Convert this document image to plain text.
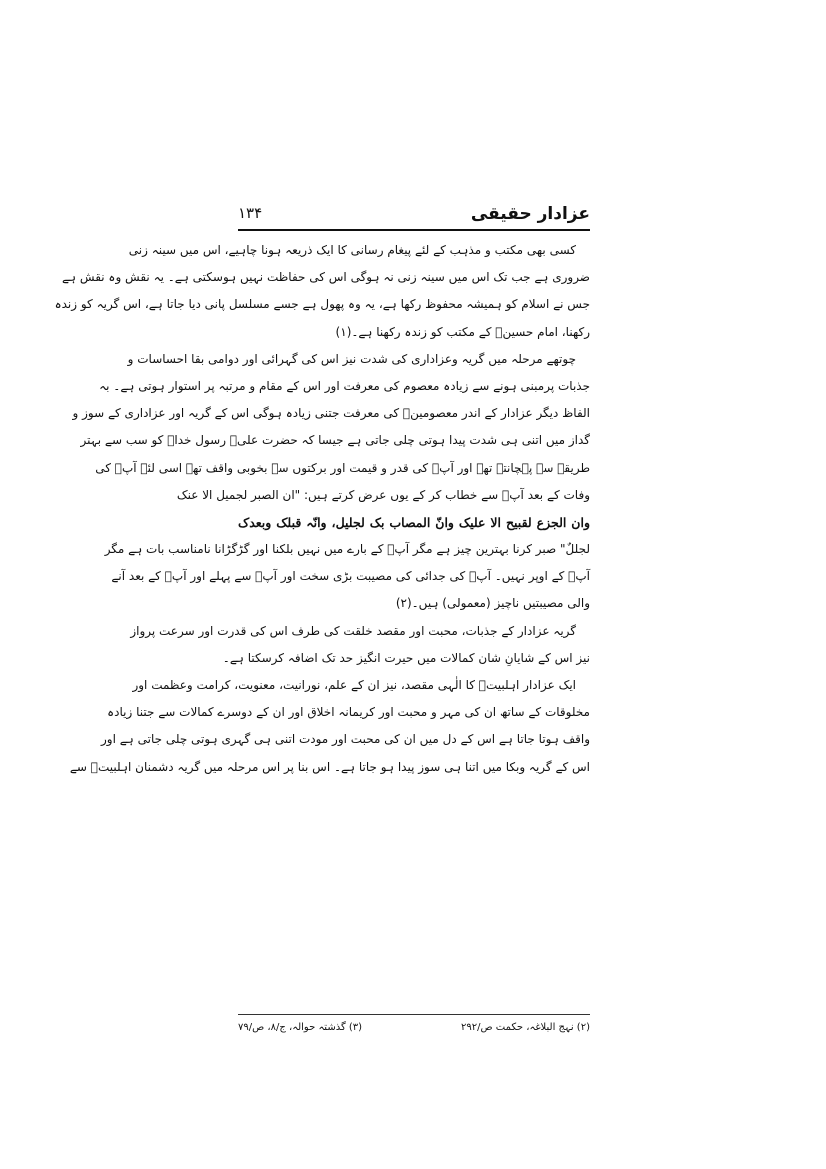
عزادار حقیقی
۱۳۴
کسی بھی مکتب و مذہب کے لئے پیغام رسانی کا ایک ذریعہ ہونا چاہیے، اس میں سینہ زنی
ضروری ہے جب تک اس میں سینہ زنی نہ ہوگی اس کی حفاظت نہیں ہوسکتی ہے۔ یہ نقش وہ نقش ہے
جس نے اسلام کو ہمیشہ محفوظ رکھا ہے، یہ وہ پھول ہے جسے مسلسل پانی دیا جاتا ہے، اس گریہ کو زندہ
رکھنا، امام حسینؑ کے مکتب کو زندہ رکھنا ہے۔(۱)
چوتھے مرحلہ میں گریہ وعزاداری کی شدت نیز اس کی گہرائی اور دوامی بقا احساسات و
جذبات پرمبنی ہونے سے زیادہ معصوم کی معرفت اور اس کے مقام و مرتبہ پر استوار ہوتی ہے۔ بہ
الفاظ دیگر عزادار کے اندر معصومینؑ کی معرفت جتنی زیادہ ہوگی اس کے گریہ اور عزاداری کے سوز و
گداز میں اتنی ہی شدت پیدا ہوتی چلی جاتی ہے جیسا کہ حضرت علیؑ رسول خداؐ کو سب سے بہتر
طریقہ سے پہچانتے تھے اور آپؐ کی قدر و قیمت اور برکتوں سے بخوبی واقف تھے اسی لئے آپؐ کی
وفات کے بعد آپؐ سے خطاب کر کے یوں عرض کرتے ہیں: "ان الصبر لجمیل الا عنک
وان الجزع لقبیح الا علیک وانّ المصاب بک لجلیل، وانّہ قبلک وبعدک
لجللٌ" صبر کرنا بہترین چیز ہے مگر آپؐ کے بارے میں نہیں بلکنا اور گڑگڑانا نامناسب بات ہے مگر
آپؐ کے اوپر نہیں۔ آپؐ کی جدائی کی مصیبت بڑی سخت اور آپؐ سے پہلے اور آپؐ کے بعد آنے
والی مصیبتیں ناچیز (معمولی) ہیں۔(۲)
گریہ عزادار کے جذبات، محبت اور مقصد خلقت کی طرف اس کی قدرت اور سرعت پرواز
نیز اس کے شایانِ شان کمالات میں حیرت انگیز حد تک اضافہ کرسکتا ہے۔
ایک عزادار اہلبیتؑ کا الٰہی مقصد، نیز ان کے علم، نورانیت، معنویت، کرامت وعظمت اور
مخلوقات کے ساتھ ان کی مہر و محبت اور کریمانہ اخلاق اور ان کے دوسرے کمالات سے جتنا زیادہ
واقف ہوتا جاتا ہے اس کے دل میں ان کی محبت اور مودت اتنی ہی گہری ہوتی چلی جاتی ہے اور
اس کے گریہ وبکا میں اتنا ہی سوز پیدا ہو جاتا ہے۔ اس بنا پر اس مرحلہ میں گریہ دشمنان اہلبیتؑ سے
(۲) نہج البلاغہ، حکمت ص/۲۹۲
(۳) گذشتہ حوالہ، ج/۸، ص/۷۹
